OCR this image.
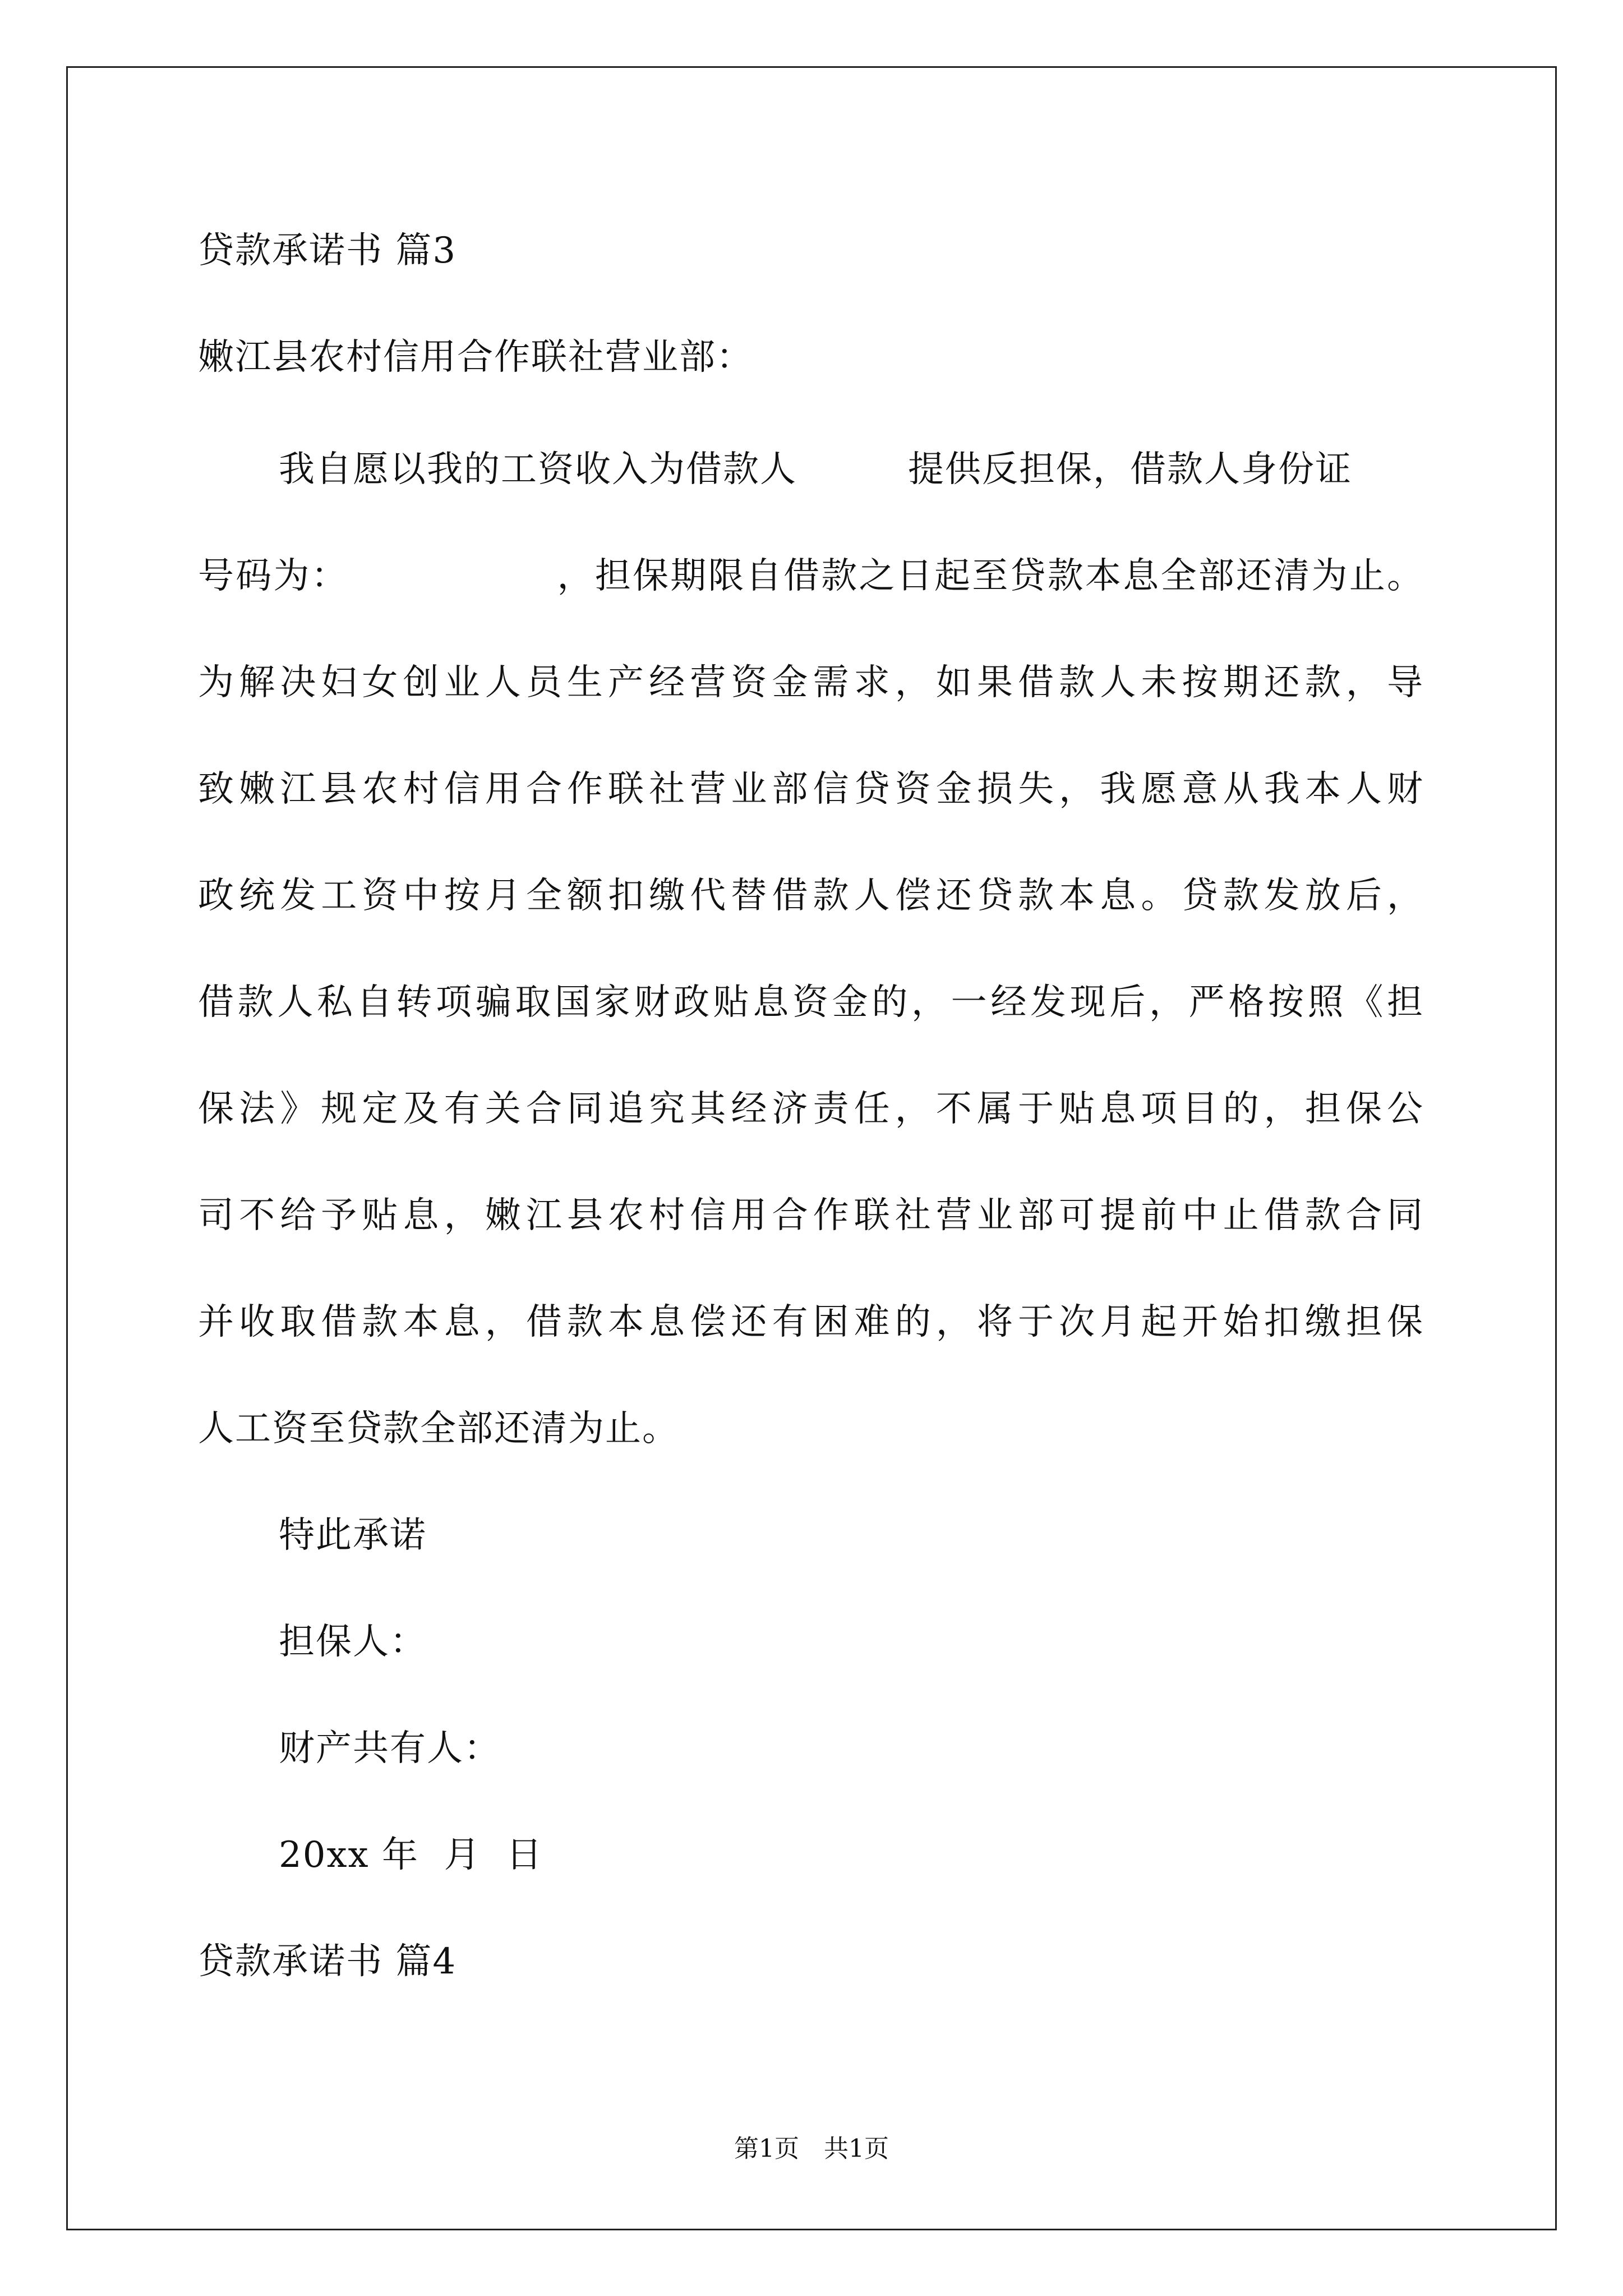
贷款承诺书 篇3
嫩江县农村信用合作联社营业部：
我自愿以我的工资收入为借款人　　　提供反担保，借款人身份证
号码为：　　　　　　，担保期限自借款之日起至贷款本息全部还清为止。
为解决妇女创业人员生产经营资金需求，如果借款人未按期还款，导
致嫩江县农村信用合作联社营业部信贷资金损失，我愿意从我本人财
政统发工资中按月全额扣缴代替借款人偿还贷款本息。贷款发放后，
借款人私自转项骗取国家财政贴息资金的，一经发现后，严格按照《担
保法》规定及有关合同追究其经济责任，不属于贴息项目的，担保公
司不给予贴息，嫩江县农村信用合作联社营业部可提前中止借款合同
并收取借款本息，借款本息偿还有困难的，将于次月起开始扣缴担保
人工资至贷款全部还清为止。
特此承诺
担保人：
财产共有人：
20xx 年  月  日
贷款承诺书 篇4
第1页　共1页
